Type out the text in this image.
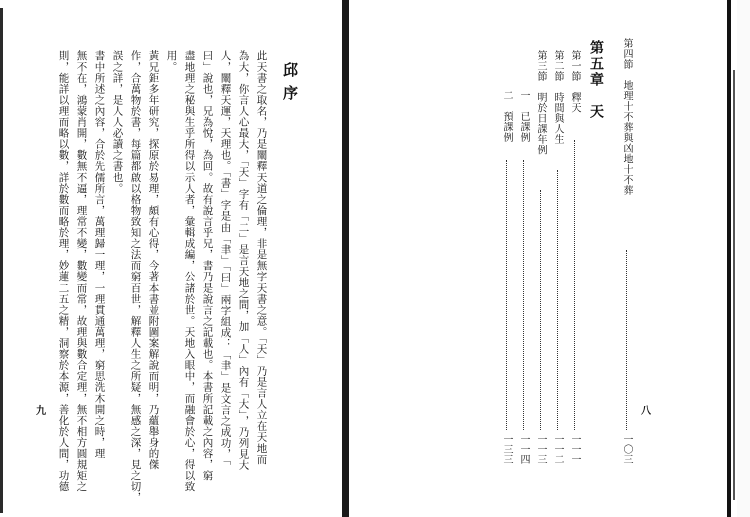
邱序
此天書之取名，乃是闡釋天道之倫理，非是無字天書之意。「天」乃是言人立在天地而
為大，你言人心最大，「天」字有「二」是言天地之間，加「人」內有「大」，乃列見大
人，闡釋天運，天理也。「書」字是由「聿」「曰」兩字組成：「聿」是文言之成功，「
曰」說也，兄為悅，為回。故有說言乎兄，書乃是說言之記載也。本書所記載之內容，窮
盡地理之秘與生乎所得以示人者，彙輯成編，公諸於世。天地入眼中，而融會於心，得以致
用。
黃兄鉅多年研究，探原於易理，頗有心得，今著本書並附圖案解說而明，乃蘊舉身的傑
作，合萬物於書，每篇都啟以格物致知之法而窮百世，解釋人生之所疑，無感之深，見之切，
誤之詳，是人人必讀之書也。
書中所述之內容，合於先儒所言，萬理歸一理，一理貫通萬理，窮思洗木開之時，理
無不在，鴻蒙肖開，數無不逼，理常不變，數變而常，故理與數合定理，無不相方圓規矩之
則，能詳以理而略以數，詳於數而略於理，妙蓮二五之精，洞察於本源，善化於人間，功德
九
第四節　地理十不葬與凶地十不葬
一〇三
第五章　天
第一節　釋天
一一一
第二節　時間與人生
一一二
第三節　明於日課年例
一一三
一　已課例
一一四
二　預課例
一三三
八
